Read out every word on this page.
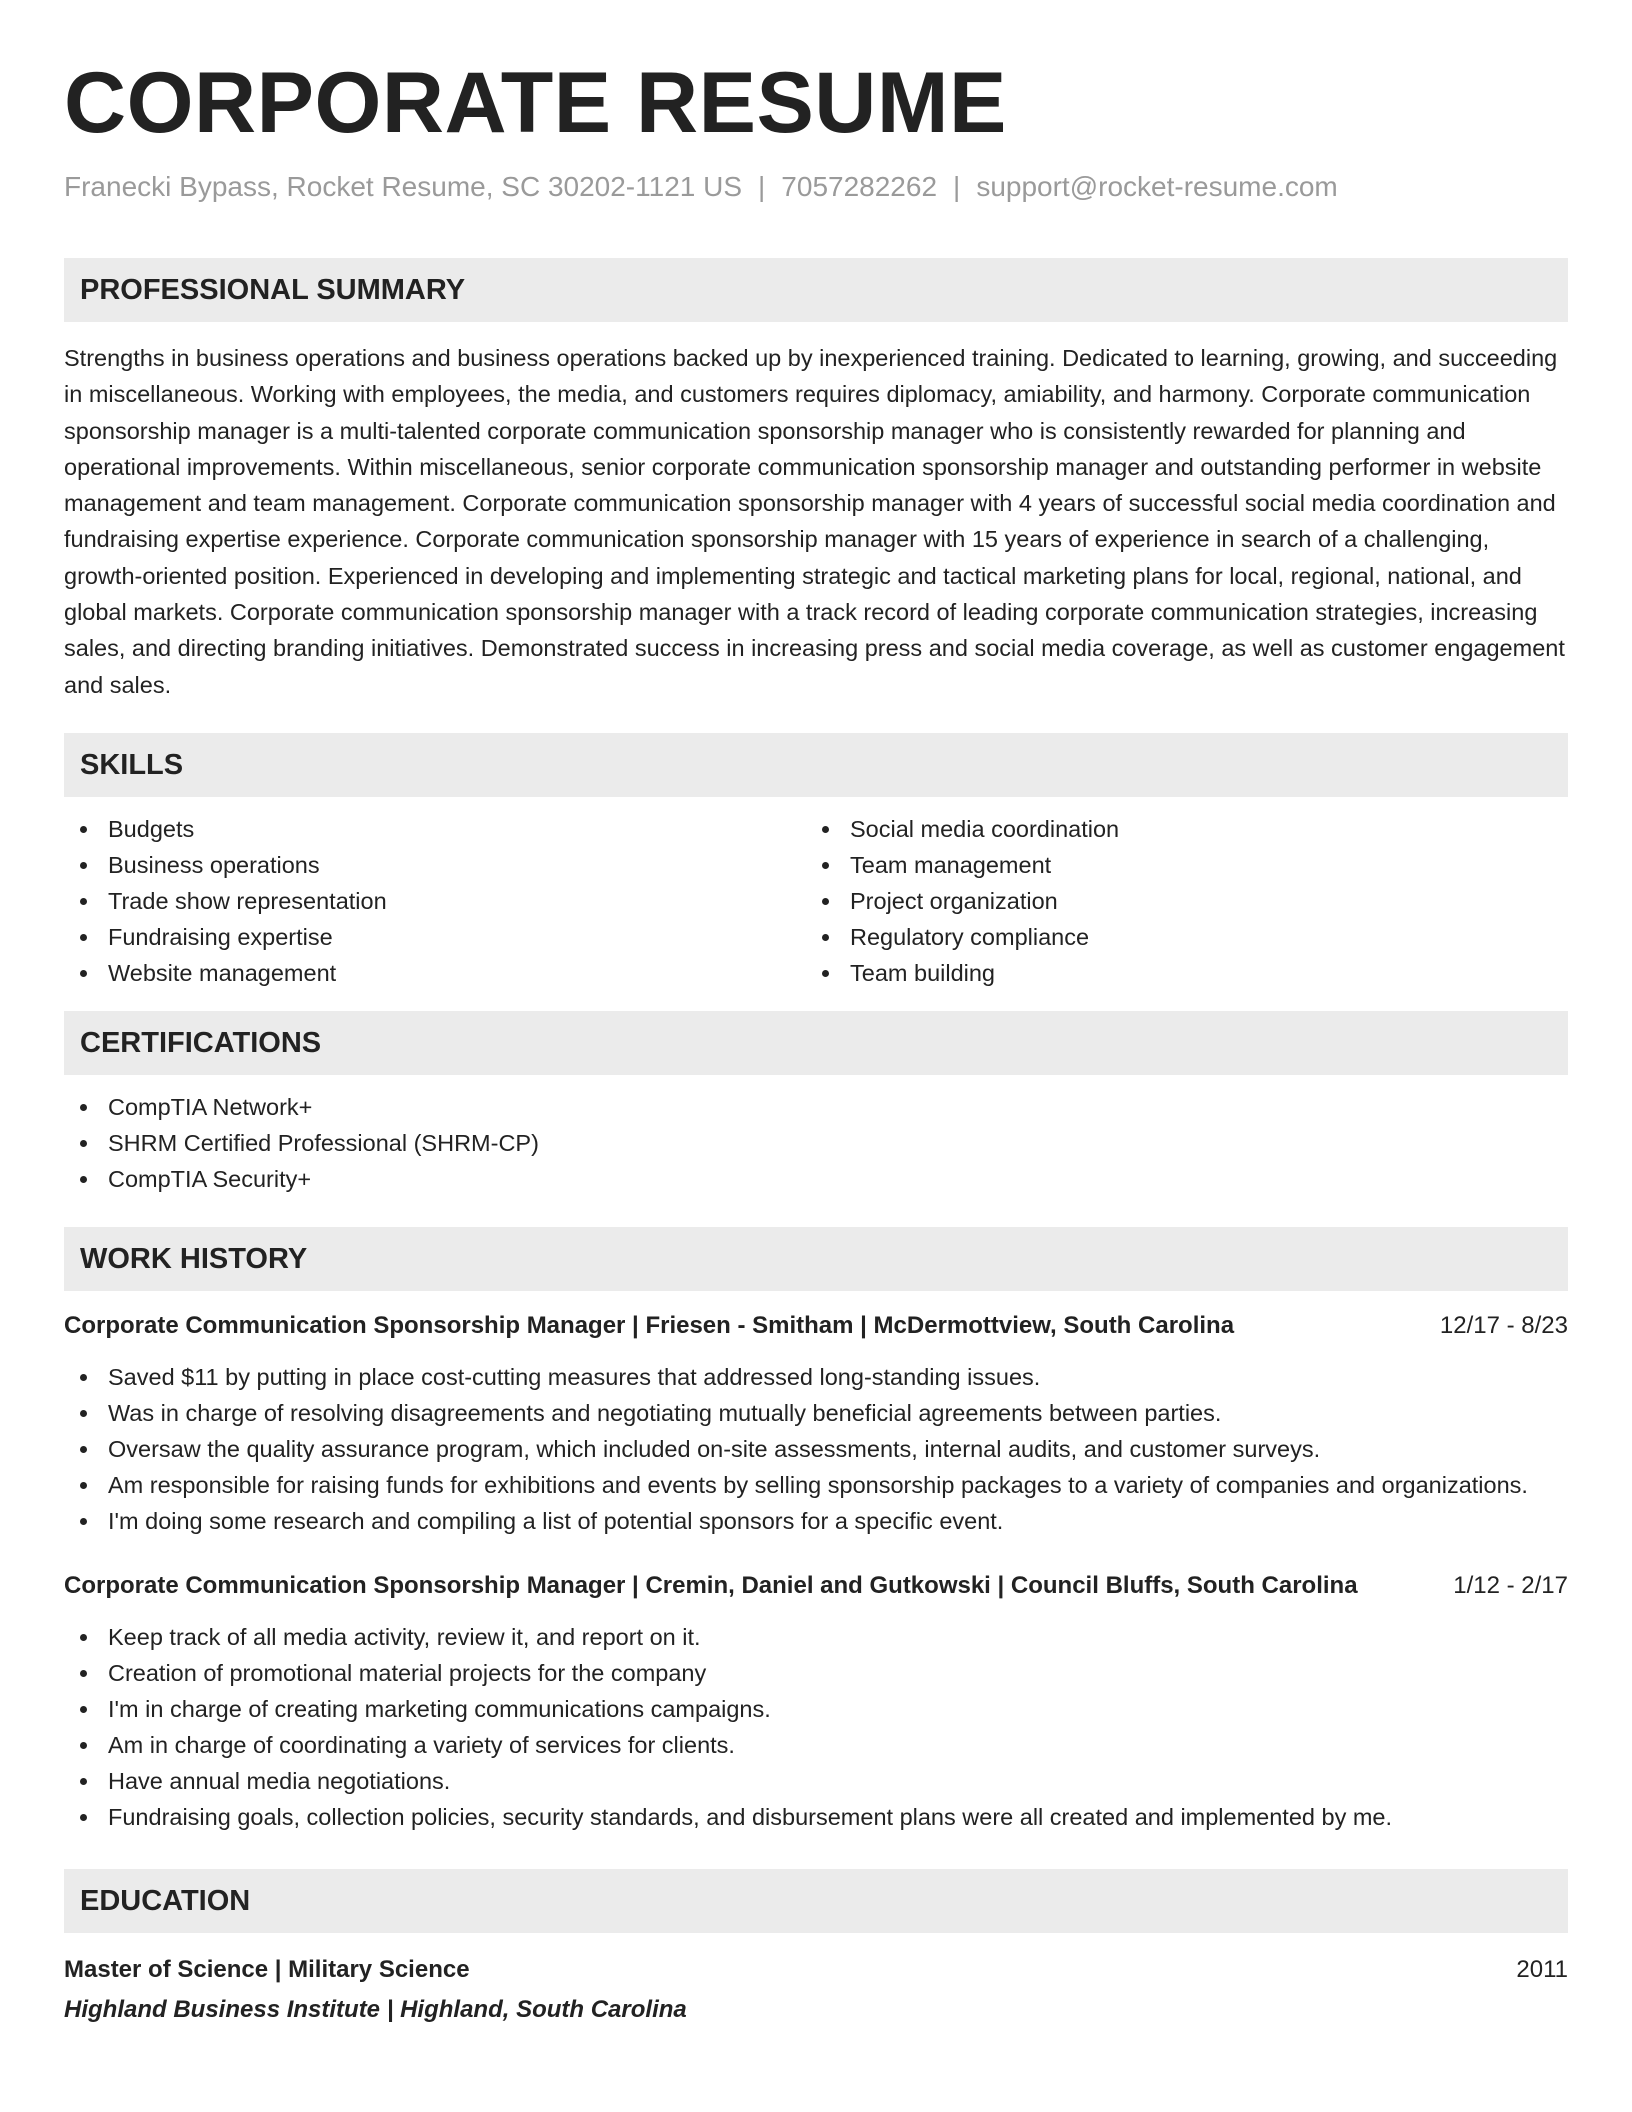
CORPORATE RESUME
Franecki Bypass, Rocket Resume, SC 30202-1121 US | 7057282262 | support@rocket-resume.com
PROFESSIONAL SUMMARY

Strengths in business operations and business operations backed up by inexperienced training. Dedicated to learning, growing, and succeeding in miscellaneous. Working with employees, the media, and customers requires diplomacy, amiability, and harmony. Corporate communication sponsorship manager is a multi-talented corporate communication sponsorship manager who is consistently rewarded for planning and operational improvements. Within miscellaneous, senior corporate communication sponsorship manager and outstanding performer in website management and team management. Corporate communication sponsorship manager with 4 years of successful social media coordination and fundraising expertise experience. Corporate communication sponsorship manager with 15 years of experience in search of a challenging, growth-oriented position. Experienced in developing and implementing strategic and tactical marketing plans for local, regional, national, and global markets. Corporate communication sponsorship manager with a track record of leading corporate communication strategies, increasing sales, and directing branding initiatives. Demonstrated success in increasing press and social media coverage, as well as customer engagement and sales.

SKILLS
Budgets
Business operations
Trade show representation
Fundraising expertise
Website management
Social media coordination
Team management
Project organization
Regulatory compliance
Team building
CERTIFICATIONS
CompTIA Network+
SHRM Certified Professional (SHRM-CP)
CompTIA Security+
WORK HISTORY
Corporate Communication Sponsorship Manager | Friesen - Smitham | McDermottview, South Carolina	12/17 - 8/23
Saved $11 by putting in place cost-cutting measures that addressed long-standing issues.
Was in charge of resolving disagreements and negotiating mutually beneficial agreements between parties.
Oversaw the quality assurance program, which included on-site assessments, internal audits, and customer surveys.
Am responsible for raising funds for exhibitions and events by selling sponsorship packages to a variety of companies and organizations.
I'm doing some research and compiling a list of potential sponsors for a specific event.
Corporate Communication Sponsorship Manager | Cremin, Daniel and Gutkowski | Council Bluffs, South Carolina	1/12 - 2/17
Keep track of all media activity, review it, and report on it.
Creation of promotional material projects for the company
I'm in charge of creating marketing communications campaigns.
Am in charge of coordinating a variety of services for clients.
Have annual media negotiations.
Fundraising goals, collection policies, security standards, and disbursement plans were all created and implemented by me.
EDUCATION
Master of Science | Military Science	2011
Highland Business Institute | Highland, South Carolina
